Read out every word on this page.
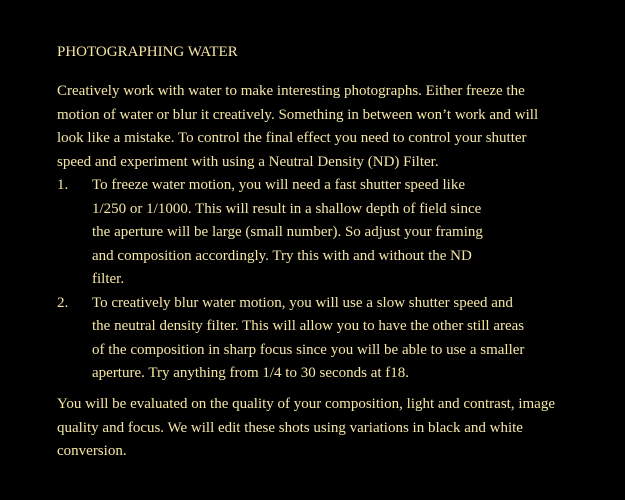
PHOTOGRAPHING WATER
Creatively work with water to make interesting photographs. Either freeze the
motion of water or blur it creatively. Something in between won’t work and will
look like a mistake. To control the final effect you need to control your shutter
speed and experiment with using a Neutral Density (ND) Filter.
1. To freeze water motion, you will need a fast shutter speed like
1/250 or 1/1000. This will result in a shallow depth of field since
the aperture will be large (small number). So adjust your framing
and composition accordingly. Try this with and without the ND
filter.
2. To creatively blur water motion, you will use a slow shutter speed and
the neutral density filter. This will allow you to have the other still areas
of the composition in sharp focus since you will be able to use a smaller
aperture. Try anything from 1/4 to 30 seconds at f18.
You will be evaluated on the quality of your composition, light and contrast, image
quality and focus. We will edit these shots using variations in black and white
conversion.
